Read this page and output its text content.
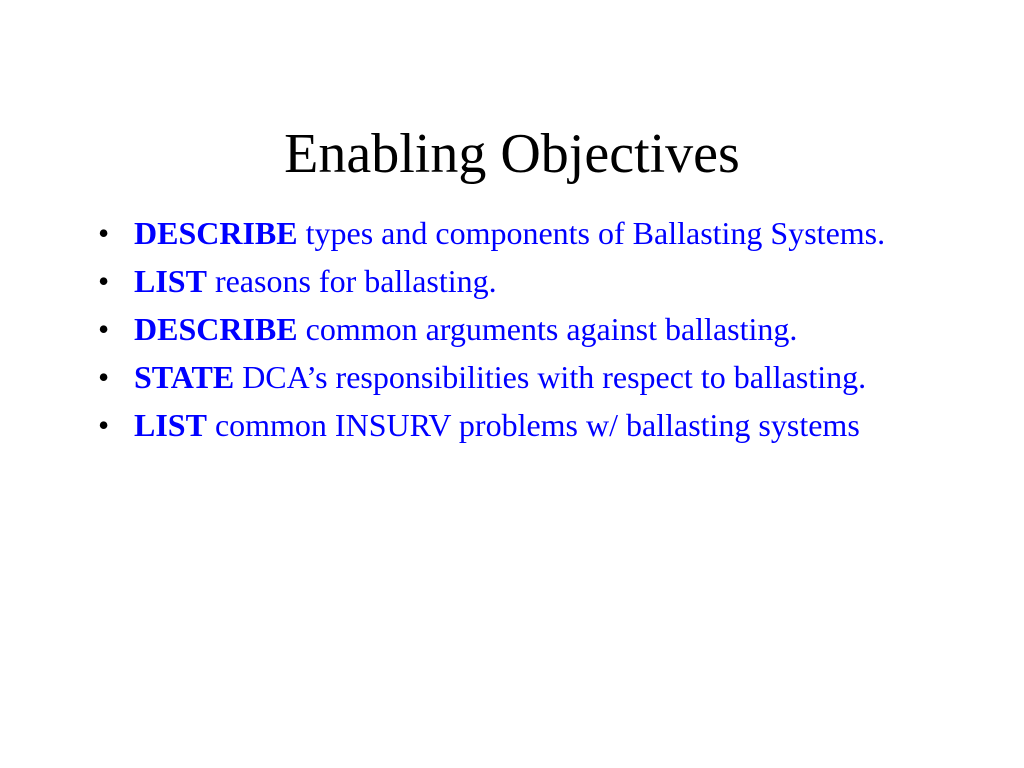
Enabling Objectives
• DESCRIBE types and components of Ballasting Systems.
• LIST reasons for ballasting.
• DESCRIBE common arguments against ballasting.
• STATE DCA’s responsibilities with respect to ballasting.
• LIST common INSURV problems w/ ballasting systems
